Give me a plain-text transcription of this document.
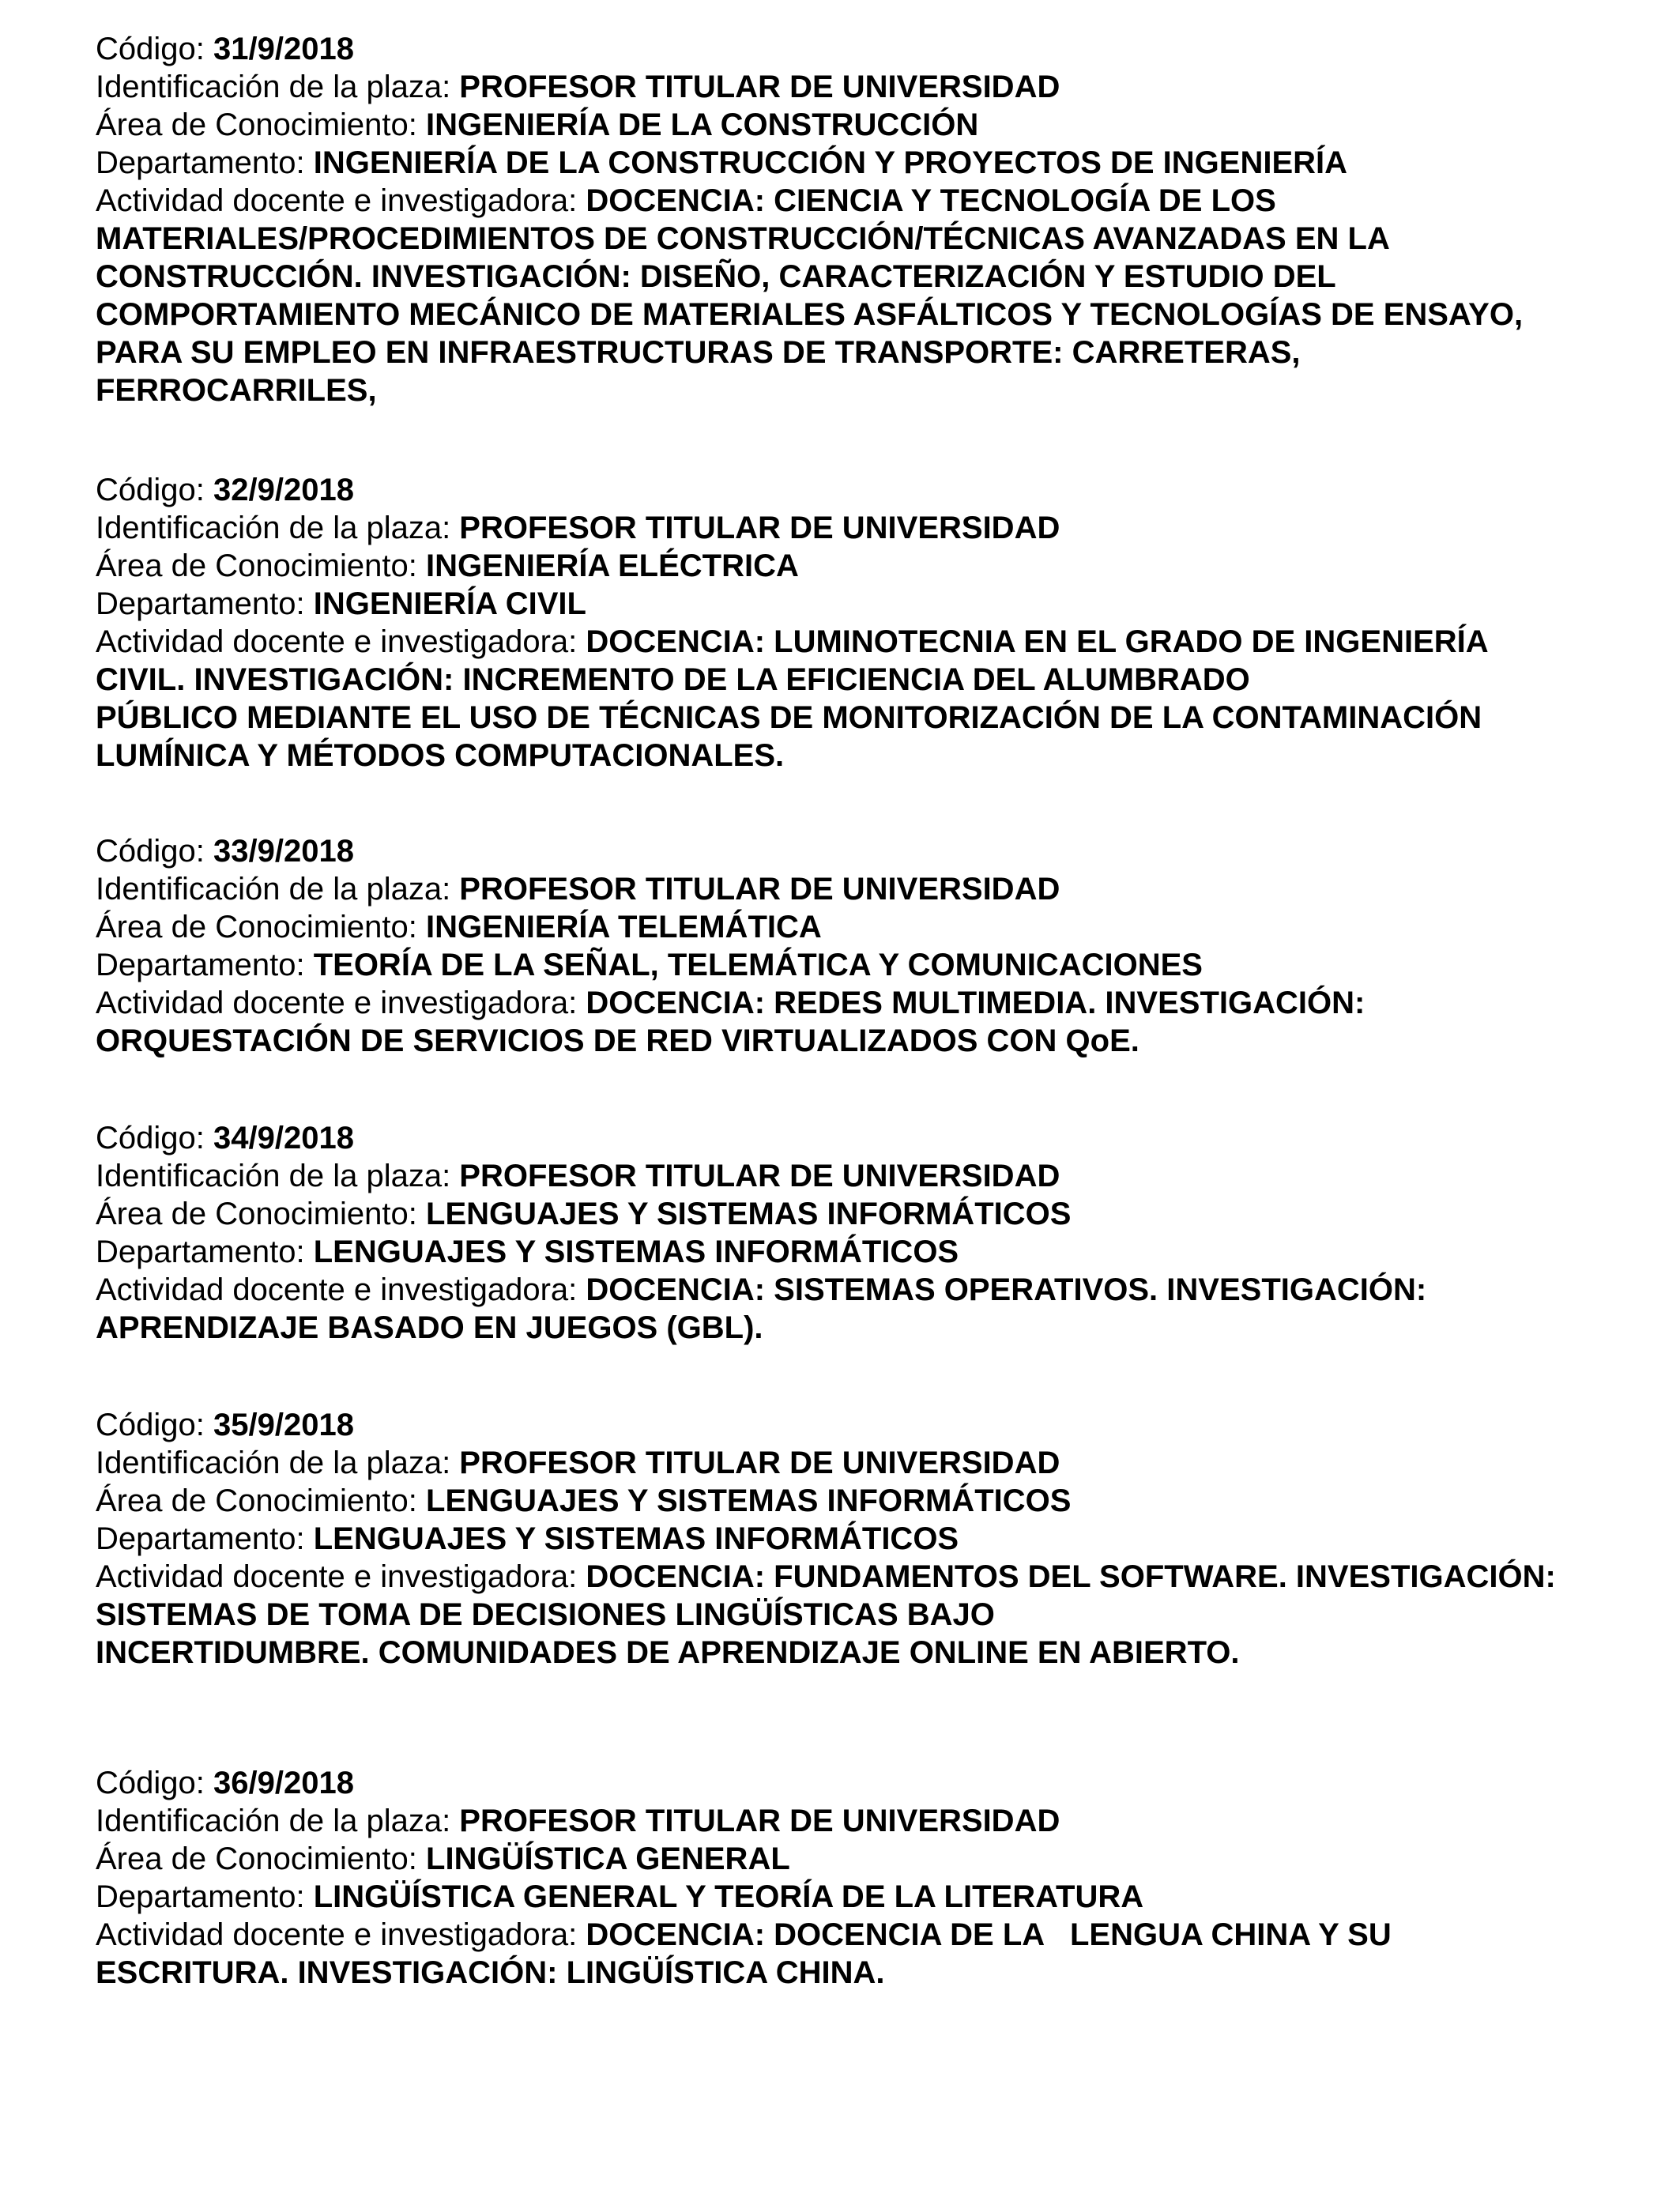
Código: 31/9/2018
Identificación de la plaza: PROFESOR TITULAR DE UNIVERSIDAD
Área de Conocimiento: INGENIERÍA DE LA CONSTRUCCIÓN
Departamento: INGENIERÍA DE LA CONSTRUCCIÓN Y PROYECTOS DE INGENIERÍA
Actividad docente e investigadora: DOCENCIA: CIENCIA Y TECNOLOGÍA DE LOS
MATERIALES/PROCEDIMIENTOS DE CONSTRUCCIÓN/TÉCNICAS AVANZADAS EN LA
CONSTRUCCIÓN. INVESTIGACIÓN: DISEÑO, CARACTERIZACIÓN Y ESTUDIO DEL
COMPORTAMIENTO MECÁNICO DE MATERIALES ASFÁLTICOS Y TECNOLOGÍAS DE ENSAYO,
PARA SU EMPLEO EN INFRAESTRUCTURAS DE TRANSPORTE: CARRETERAS,
FERROCARRILES,
Código: 32/9/2018
Identificación de la plaza: PROFESOR TITULAR DE UNIVERSIDAD
Área de Conocimiento: INGENIERÍA ELÉCTRICA
Departamento: INGENIERÍA CIVIL
Actividad docente e investigadora: DOCENCIA: LUMINOTECNIA EN EL GRADO DE INGENIERÍA
CIVIL. INVESTIGACIÓN: INCREMENTO DE LA EFICIENCIA DEL ALUMBRADO
PÚBLICO MEDIANTE EL USO DE TÉCNICAS DE MONITORIZACIÓN DE LA CONTAMINACIÓN
LUMÍNICA Y MÉTODOS COMPUTACIONALES.
Código: 33/9/2018
Identificación de la plaza: PROFESOR TITULAR DE UNIVERSIDAD
Área de Conocimiento: INGENIERÍA TELEMÁTICA
Departamento: TEORÍA DE LA SEÑAL, TELEMÁTICA Y COMUNICACIONES
Actividad docente e investigadora: DOCENCIA: REDES MULTIMEDIA. INVESTIGACIÓN:
ORQUESTACIÓN DE SERVICIOS DE RED VIRTUALIZADOS CON QoE.
Código: 34/9/2018
Identificación de la plaza: PROFESOR TITULAR DE UNIVERSIDAD
Área de Conocimiento: LENGUAJES Y SISTEMAS INFORMÁTICOS
Departamento: LENGUAJES Y SISTEMAS INFORMÁTICOS
Actividad docente e investigadora: DOCENCIA: SISTEMAS OPERATIVOS. INVESTIGACIÓN:
APRENDIZAJE BASADO EN JUEGOS (GBL).
Código: 35/9/2018
Identificación de la plaza: PROFESOR TITULAR DE UNIVERSIDAD
Área de Conocimiento: LENGUAJES Y SISTEMAS INFORMÁTICOS
Departamento: LENGUAJES Y SISTEMAS INFORMÁTICOS
Actividad docente e investigadora: DOCENCIA: FUNDAMENTOS DEL SOFTWARE. INVESTIGACIÓN:
SISTEMAS DE TOMA DE DECISIONES LINGÜÍSTICAS BAJO
INCERTIDUMBRE. COMUNIDADES DE APRENDIZAJE ONLINE EN ABIERTO.
Código: 36/9/2018
Identificación de la plaza: PROFESOR TITULAR DE UNIVERSIDAD
Área de Conocimiento: LINGÜÍSTICA GENERAL
Departamento: LINGÜÍSTICA GENERAL Y TEORÍA DE LA LITERATURA
Actividad docente e investigadora: DOCENCIA: DOCENCIA DE LA   LENGUA CHINA Y SU
ESCRITURA. INVESTIGACIÓN: LINGÜÍSTICA CHINA.
